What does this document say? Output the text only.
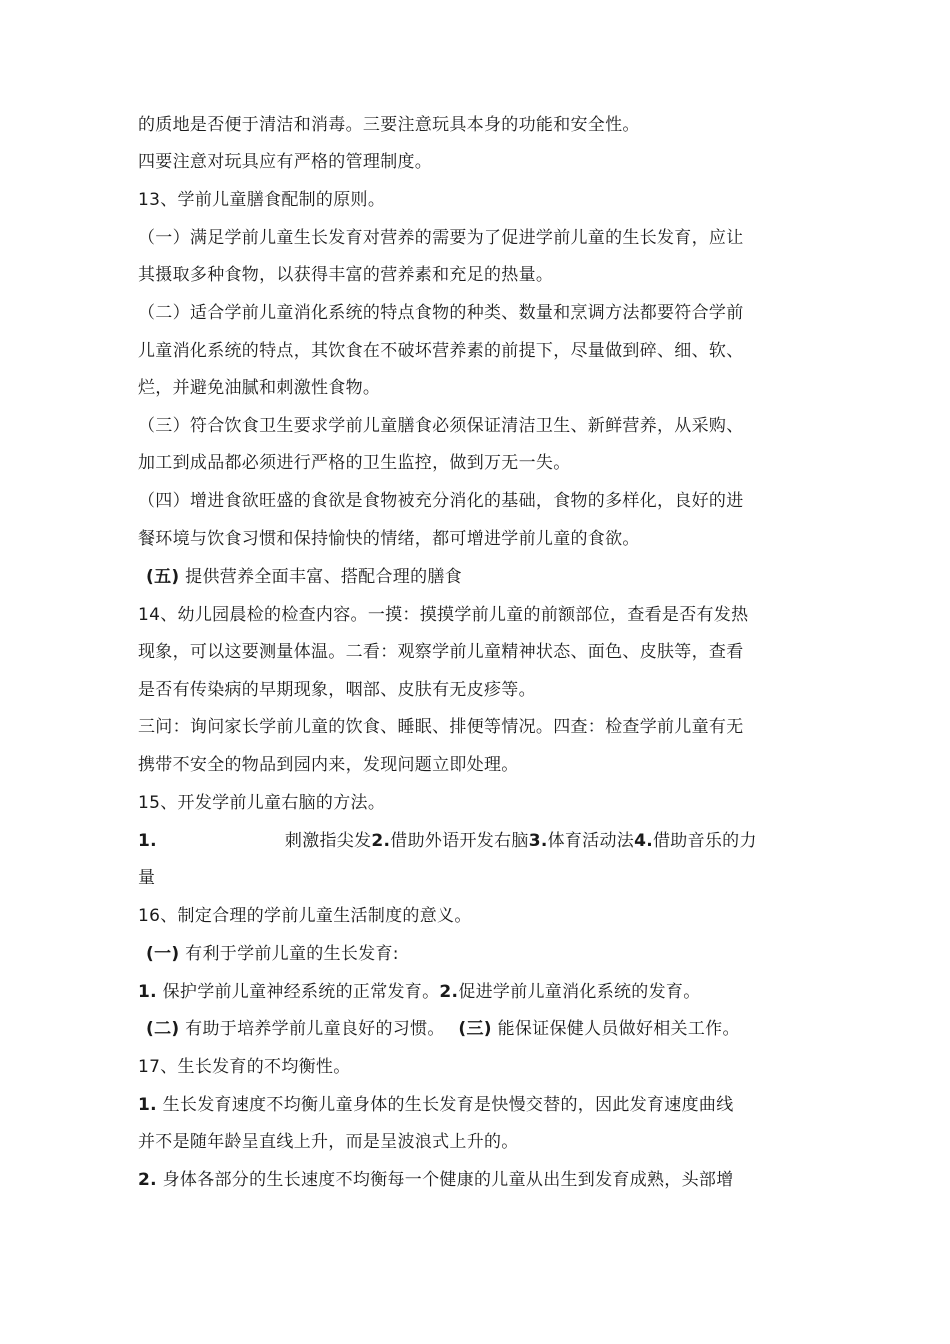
的质地是否便于清洁和消毒。三要注意玩具本身的功能和安全性。
四要注意对玩具应有严格的管理制度。
13、学前儿童膳食配制的原则。
（一）满足学前儿童生长发育对营养的需要为了促进学前儿童的生长发育，应让
其摄取多种食物，以获得丰富的营养素和充足的热量。
（二）适合学前儿童消化系统的特点食物的种类、数量和烹调方法都要符合学前
儿童消化系统的特点，其饮食在不破坏营养素的前提下，尽量做到碎、细、软、
烂，并避免油腻和刺激性食物。
（三）符合饮食卫生要求学前儿童膳食必须保证清洁卫生、新鲜营养，从采购、
加工到成品都必须进行严格的卫生监控，做到万无一失。
（四）增进食欲旺盛的食欲是食物被充分消化的基础，食物的多样化，良好的进
餐环境与饮食习惯和保持愉快的情绪，都可增进学前儿童的食欲。
(五) 提供营养全面丰富、搭配合理的膳食
14、幼儿园晨检的检查内容。一摸：摸摸学前儿童的前额部位，查看是否有发热
现象，可以这要测量体温。二看：观察学前儿童精神状态、面色、皮肤等，查看
是否有传染病的早期现象，咽部、皮肤有无皮疹等。
三问：询问家长学前儿童的饮食、睡眠、排便等情况。四查：检查学前儿童有无
携带不安全的物品到园内来，发现问题立即处理。
15、开发学前儿童右脑的方法。
1.	刺激指尖发2.借助外语开发右脑3.体育活动法4.借助音乐的力
量
16、制定合理的学前儿童生活制度的意义。
(一) 有利于学前儿童的生长发育:
1. 保护学前儿童神经系统的正常发育。2.促进学前儿童消化系统的发育。
(二) 有助于培养学前儿童良好的习惯。 (三) 能保证保健人员做好相关工作。
17、生长发育的不均衡性。
1. 生长发育速度不均衡儿童身体的生长发育是快慢交替的，因此发育速度曲线
并不是随年龄呈直线上升，而是呈波浪式上升的。
2. 身体各部分的生长速度不均衡每一个健康的儿童从出生到发育成熟，头部增
